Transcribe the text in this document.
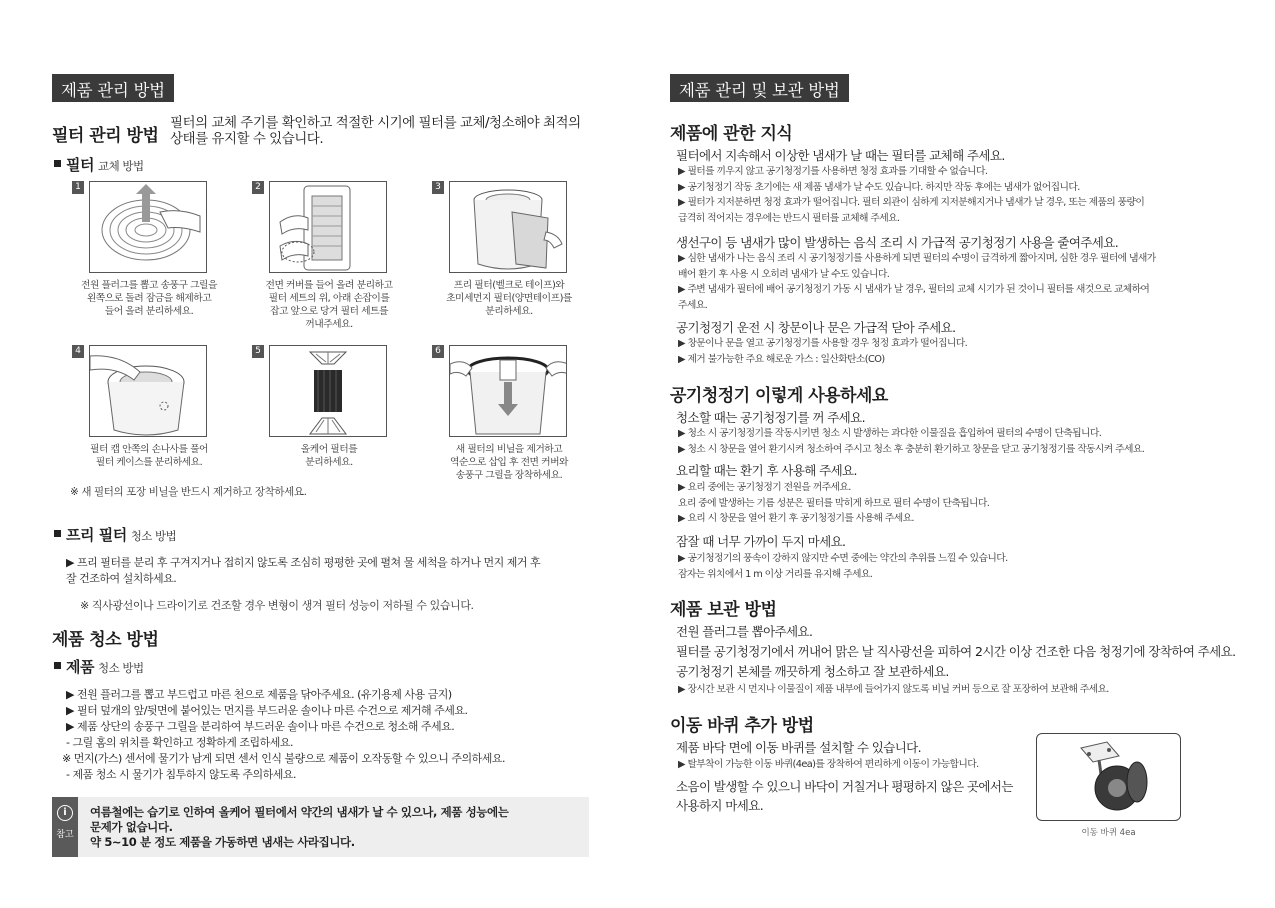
제품 관리 방법
필터 관리 방법
필터의 교체 주기를 확인하고 적절한 시기에 필터를 교체/청소해야 최적의
상태를 유지할 수 있습니다.
필터 교체 방법
1
전원 플러그를 뽑고 송풍구 그릴을
왼쪽으로 돌려 잠금을 해제하고
들어 올려 분리하세요.
2
전면 커버를 들어 올려 분리하고
필터 세트의 위, 아래 손잡이를
잡고 앞으로 당겨 필터 세트를
꺼내주세요.
3
프리 필터(벨크로 테이프)와
초미세먼지 필터(양면테이프)를
분리하세요.
4
필터 캡 안쪽의 손나사를 풀어
필터 케이스를 분리하세요.
5
올케어 필터를
분리하세요.
6
새 필터의 비닐을 제거하고
역순으로 삽입 후 전면 커버와
송풍구 그릴을 장착하세요.
※ 새 필터의 포장 비닐을 반드시 제거하고 장착하세요.
프리 필터 청소 방법
▶ 프리 필터를 분리 후 구겨지거나 접히지 않도록 조심히 평평한 곳에 펼쳐 물 세척을 하거나 먼지 제거 후
잘 건조하여 설치하세요.
※ 직사광선이나 드라이기로 건조할 경우 변형이 생겨 필터 성능이 저하될 수 있습니다.
제품 청소 방법
제품 청소 방법
▶ 전원 플러그를 뽑고 부드럽고 마른 천으로 제품을 닦아주세요. (유기용제 사용 금지)
▶ 필터 덮개의 앞/뒷면에 붙어있는 먼지를 부드러운 솔이나 마른 수건으로 제거해 주세요.
▶ 제품 상단의 송풍구 그릴을 분리하여 부드러운 솔이나 마른 수건으로 청소해 주세요.
- 그릴 홈의 위치를 확인하고 정확하게 조립하세요.
※ 먼지(가스) 센서에 물기가 남게 되면 센서 인식 불량으로 제품이 오작동할 수 있으니 주의하세요.
- 제품 청소 시 물기가 침투하지 않도록 주의하세요.
i
참고
여름철에는 습기로 인하여 올케어 필터에서 약간의 냄새가 날 수 있으나, 제품 성능에는
문제가 없습니다.
약 5~10 분 정도 제품을 가동하면 냄새는 사라집니다.
제품 관리 및 보관 방법
제품에 관한 지식
필터에서 지속해서 이상한 냄새가 날 때는 필터를 교체해 주세요.
▶ 필터를 끼우지 않고 공기청정기를 사용하면 청정 효과를 기대할 수 없습니다.
▶ 공기청정기 작동 초기에는 새 제품 냄새가 날 수도 있습니다. 하지만 작동 후에는 냄새가 없어집니다.
▶ 필터가 지저분하면 청정 효과가 떨어집니다. 필터 외관이 심하게 지저분해지거나 냄새가 날 경우, 또는 제품의 풍량이
급격히 적어지는 경우에는 반드시 필터를 교체해 주세요.
생선구이 등 냄새가 많이 발생하는 음식 조리 시 가급적 공기청정기 사용을 줄여주세요.
▶ 심한 냄새가 나는 음식 조리 시 공기청정기를 사용하게 되면 필터의 수명이 급격하게 짧아지며, 심한 경우 필터에 냄새가
배어 환기 후 사용 시 오히려 냄새가 날 수도 있습니다.
▶ 주변 냄새가 필터에 배어 공기청정기 가동 시 냄새가 날 경우, 필터의 교체 시기가 된 것이니 필터를 새것으로 교체하여
주세요.
공기청정기 운전 시 창문이나 문은 가급적 닫아 주세요.
▶ 창문이나 문을 열고 공기청정기를 사용할 경우 청정 효과가 떨어집니다.
▶ 제거 불가능한 주요 해로운 가스 : 일산화탄소(CO)
공기청정기 이렇게 사용하세요
청소할 때는 공기청정기를 꺼 주세요.
▶ 청소 시 공기청정기를 작동시키면 청소 시 발생하는 과다한 이물질을 흡입하여 필터의 수명이 단축됩니다.
▶ 청소 시 창문을 열어 환기시켜 청소하여 주시고 청소 후 충분히 환기하고 창문을 닫고 공기청정기를 작동시켜 주세요.
요리할 때는 환기 후 사용해 주세요.
▶ 요리 중에는 공기청정기 전원을 꺼주세요.
요리 중에 발생하는 기름 성분은 필터를 막히게 하므로 필터 수명이 단축됩니다.
▶ 요리 시 창문을 열어 환기 후 공기청정기를 사용해 주세요.
잠잘 때 너무 가까이 두지 마세요.
▶ 공기청정기의 풍속이 강하지 않지만 수면 중에는 약간의 추위를 느낄 수 있습니다.
잠자는 위치에서 1 m 이상 거리를 유지해 주세요.
제품 보관 방법
전원 플러그를 뽑아주세요.
필터를 공기청정기에서 꺼내어 맑은 날 직사광선을 피하여 2시간 이상 건조한 다음 청정기에 장착하여 주세요.
공기청정기 본체를 깨끗하게 청소하고 잘 보관하세요.
▶ 장시간 보관 시 먼지나 이물질이 제품 내부에 들어가지 않도록 비닐 커버 등으로 잘 포장하여 보관해 주세요.
이동 바퀴 추가 방법
제품 바닥 면에 이동 바퀴를 설치할 수 있습니다.
▶ 탈부착이 가능한 이동 바퀴(4ea)를 장착하여 편리하게 이동이 가능합니다.
소음이 발생할 수 있으니 바닥이 거칠거나 평평하지 않은 곳에서는
사용하지 마세요.
이동 바퀴 4ea
